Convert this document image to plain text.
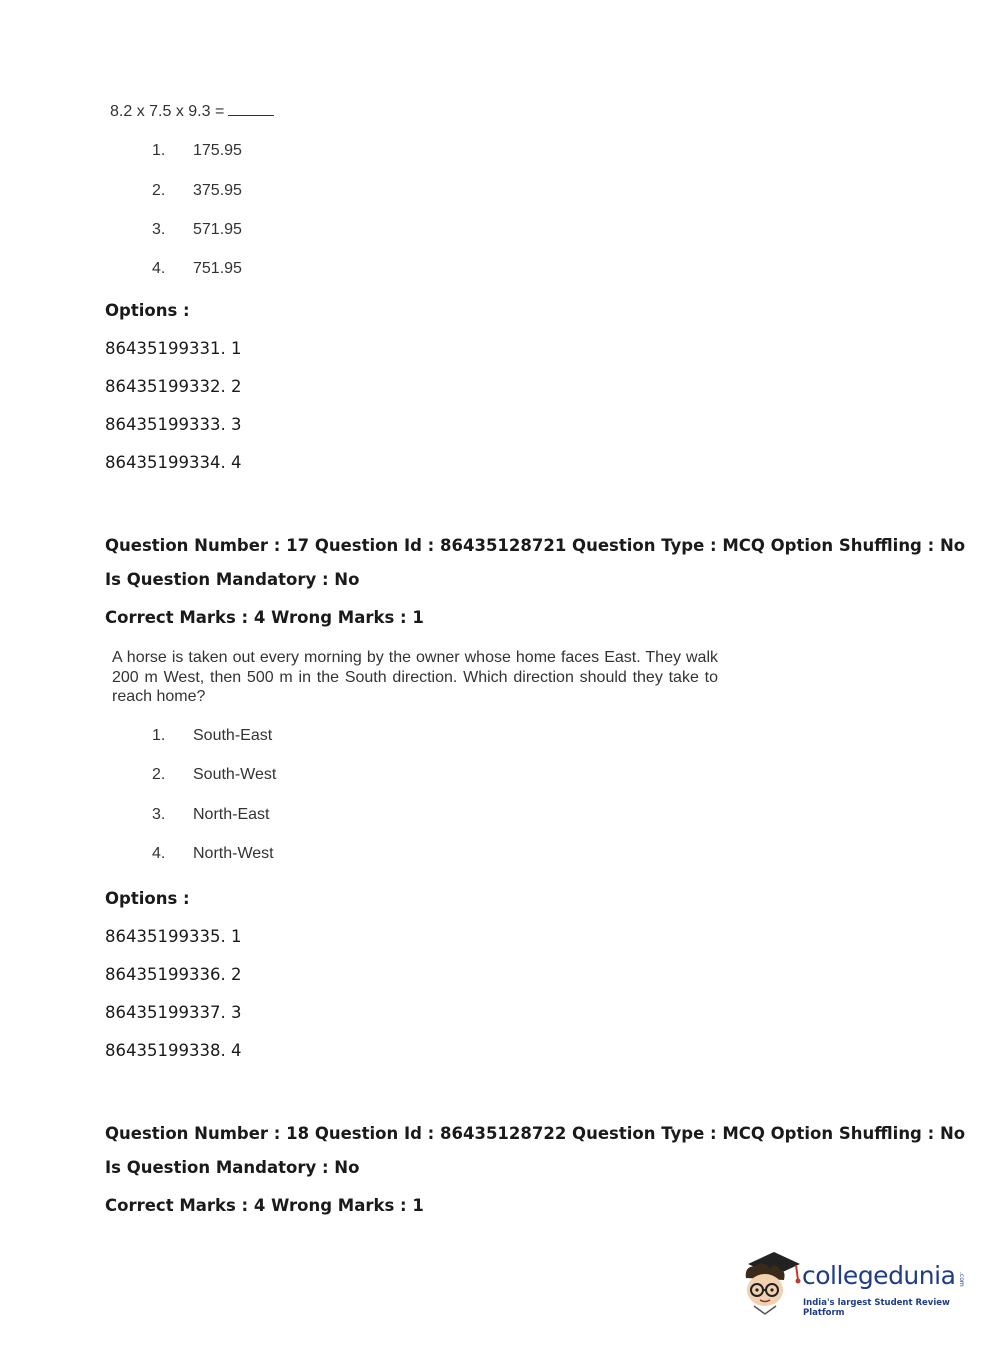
8.2 x 7.5 x 9.3 =
1. 175.95
2. 375.95
3. 571.95
4. 751.95
Options :
86435199331. 1
86435199332. 2
86435199333. 3
86435199334. 4
Question Number : 17 Question Id : 86435128721 Question Type : MCQ Option Shuffling : No
Is Question Mandatory : No
Correct Marks : 4 Wrong Marks : 1
A horse is taken out every morning by the owner whose home faces East. They walk 200 m West, then 500 m in the South direction. Which direction should they take to reach home?
1. South-East
2. South-West
3. North-East
4. North-West
Options :
86435199335. 1
86435199336. 2
86435199337. 3
86435199338. 4
Question Number : 18 Question Id : 86435128722 Question Type : MCQ Option Shuffling : No
Is Question Mandatory : No
Correct Marks : 4 Wrong Marks : 1
collegedunia .com
India's largest Student Review Platform
